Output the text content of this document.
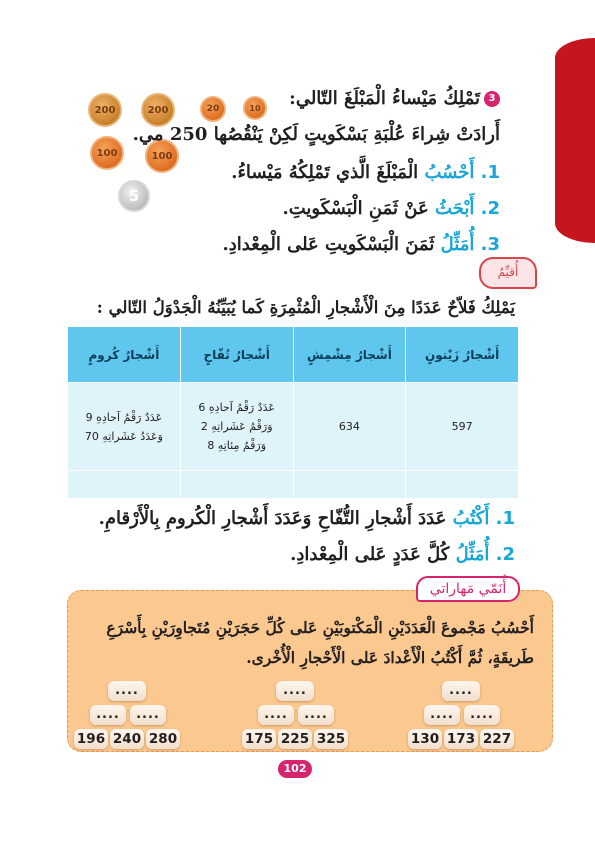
200	200	20	10
100	100
5
3تَمْلِكُ مَيْساءُ الْمَبْلَغَ التّالي:
أَرادَتْ شِراءَ عُلْبَةِ بَسْكَويتٍ لَكِنْ يَنْقُصُها 250 مي.
1. أَحْسُبُ الْمَبْلَغَ الَّذي تَمْلِكُهُ مَيْساءُ.
2. أَبْحَثُ عَنْ ثَمَنِ الْبَسْكَويتِ.
3. أُمَثِّلُ ثَمَنَ الْبَسْكَويتِ عَلى الْمِعْدادِ.
أُقيِّمُ
يَمْلِكُ فَلاّحٌ عَدَدًا مِنَ الْأَشْجارِ الْمُثْمِرَةِ كَما يُبَيِّنُهُ الْجَدْوَلُ التّالي :
أَشْجارُ زَيْتونٍ	أَشْجارُ مِشْمِشٍ	أَشْجارُ تُفّاحٍ	أَشْجارُ كُرومٍ
597	634	عَدَدٌ رَقْمُ آحادِهِ 6 وَرَقْمُ عَشَراتِهِ 2 وَرَقْمُ مِئاتِهِ 8	عَدَدٌ رَقْمُ آحادِهِ 9 وَعَدَدُ عَشَراتِهِ 70

1. أَكْتُبُ عَدَدَ أَشْجارِ التُّفّاحِ وَعَدَدَ أَشْجارِ الْكُرومِ بِالْأَرْقامِ.
2. أُمَثِّلُ كُلَّ عَدَدٍ عَلى الْمِعْدادِ.
أُنَمّي مَهاراتي
أَحْسُبُ مَجْموعَ الْعَدَدَيْنِ الْمَكْتوبَيْنِ عَلى كُلِّ حَجَرَيْنِ مُتَجاوِرَيْنِ بِأَسْرَعِ طَريقَةٍ، ثُمَّ أَكْتُبُ الْأَعْدادَ عَلى الْأَحْجارِ الْأُخْرى.
....
....	....
196 240 280
....
....	....
175 225 325
....
....	....
130 173 227
102
